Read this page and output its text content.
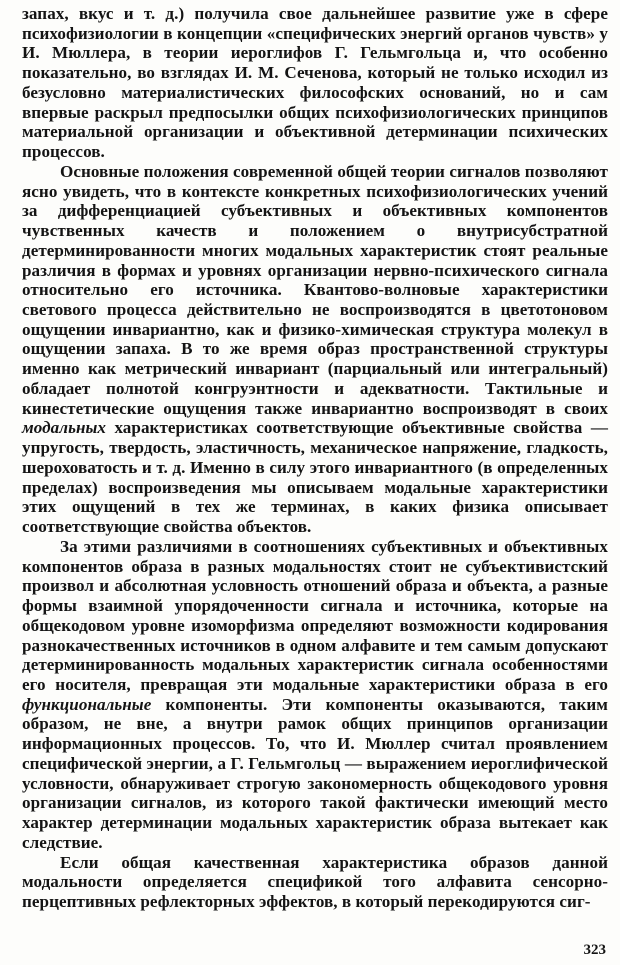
запах, вкус и т. д.) получила свое дальнейшее развитие уже в сфере психофизиологии в концепции «специфических энергий органов чувств» у И. Мюллера, в теории иероглифов Г. Гельмгольца и, что особенно показательно, во взглядах И. М. Сеченова, который не только исходил из безусловно материалистических философских оснований, но и сам впервые раскрыл предпосылки общих психофизиологических принципов материальной организации и объективной детерминации психических процессов.

Основные положения современной общей теории сигналов позволяют ясно увидеть, что в контексте конкретных психофизиологических учений за дифференциацией субъективных и объективных компонентов чувственных качеств и положением о внутрисубстратной детерминированности многих модальных характеристик стоят реальные различия в формах и уровнях организации нервно-психического сигнала относительно его источника. Квантово-волновые характеристики светового процесса действительно не воспроизводятся в цветотоновом ощущении инвариантно, как и физико-химическая структура молекул в ощущении запаха. В то же время образ пространственной структуры именно как метрический инвариант (парциальный или интегральный) обладает полнотой конгруэнтности и адекватности. Тактильные и кинестетические ощущения также инвариантно воспроизводят в своих модальных характеристиках соответствующие объективные свойства — упругость, твердость, эластичность, механическое напряжение, гладкость, шероховатость и т. д. Именно в силу этого инвариантного (в определенных пределах) воспроизведения мы описываем модальные характеристики этих ощущений в тех же терминах, в каких физика описывает соответствующие свойства объектов.

За этими различиями в соотношениях субъективных и объективных компонентов образа в разных модальностях стоит не субъективистский произвол и абсолютная условность отношений образа и объекта, а разные формы взаимной упорядоченности сигнала и источника, которые на общекодовом уровне изоморфизма определяют возможности кодирования разнокачественных источников в одном алфавите и тем самым допускают детерминированность модальных характеристик сигнала особенностями его носителя, превращая эти модальные характеристики образа в его функциональные компоненты. Эти компоненты оказываются, таким образом, не вне, а внутри рамок общих принципов организации информационных процессов. То, что И. Мюллер считал проявлением специфической энергии, а Г. Гельмгольц — выражением иероглифической условности, обнаруживает строгую закономерность общекодового уровня организации сигналов, из которого такой фактически имеющий место характер детерминации модальных характеристик образа вытекает как следствие.

Если общая качественная характеристика образов данной модальности определяется спецификой того алфавита сенсорно-перцептивных рефлекторных эффектов, в который перекодируются сиг-

323
